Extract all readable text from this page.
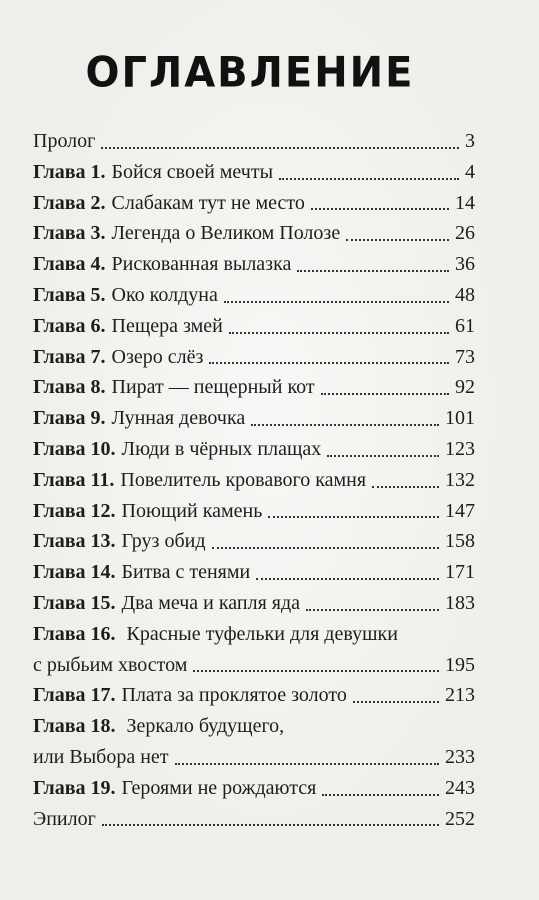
ОГЛАВЛЕНИЕ
Пролог	3
Глава 1. Бойся своей мечты	4
Глава 2. Слабакам тут не место	14
Глава 3. Легенда о Великом Полозе	26
Глава 4. Рискованная вылазка	36
Глава 5. Око колдуна	48
Глава 6. Пещера змей	61
Глава 7. Озеро слёз	73
Глава 8. Пират — пещерный кот	92
Глава 9. Лунная девочка	101
Глава 10. Люди в чёрных плащах	123
Глава 11. Повелитель кровавого камня	132
Глава 12. Поющий камень	147
Глава 13. Груз обид	158
Глава 14. Битва с тенями	171
Глава 15. Два меча и капля яда	183
Глава 16. Красные туфельки для девушки
с рыбьим хвостом	195
Глава 17. Плата за проклятое золото	213
Глава 18. Зеркало будущего,
или Выбора нет	233
Глава 19. Героями не рождаются	243
Эпилог	252
